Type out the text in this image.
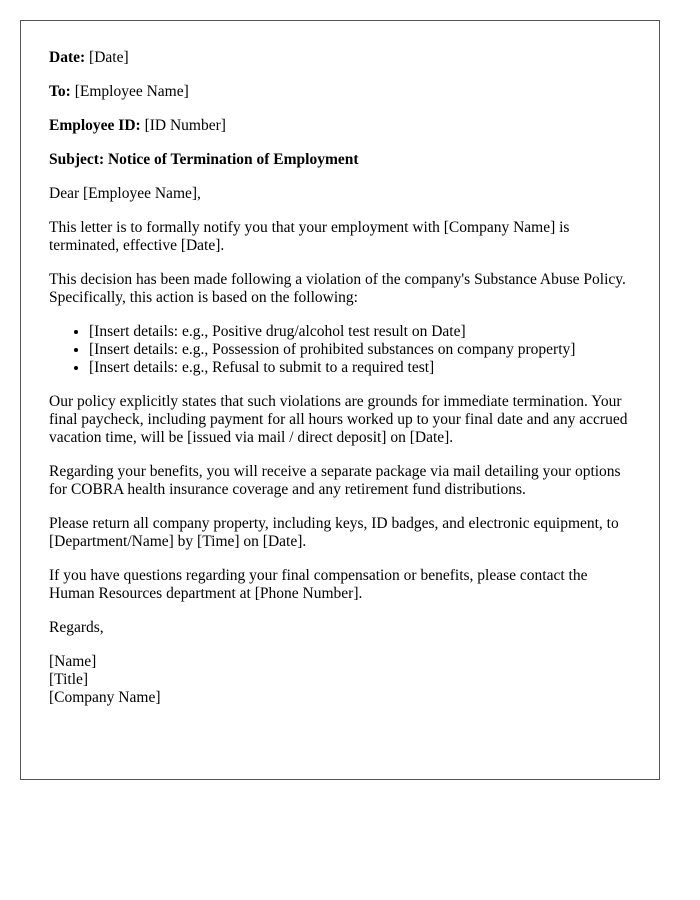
Date: [Date]

To: [Employee Name]

Employee ID: [ID Number]

Subject: Notice of Termination of Employment

Dear [Employee Name],

This letter is to formally notify you that your employment with [Company Name] is terminated, effective [Date].

This decision has been made following a violation of the company's Substance Abuse Policy. Specifically, this action is based on the following:

• [Insert details: e.g., Positive drug/alcohol test result on Date]
• [Insert details: e.g., Possession of prohibited substances on company property]
• [Insert details: e.g., Refusal to submit to a required test]

Our policy explicitly states that such violations are grounds for immediate termination. Your final paycheck, including payment for all hours worked up to your final date and any accrued vacation time, will be [issued via mail / direct deposit] on [Date].

Regarding your benefits, you will receive a separate package via mail detailing your options for COBRA health insurance coverage and any retirement fund distributions.

Please return all company property, including keys, ID badges, and electronic equipment, to [Department/Name] by [Time] on [Date].

If you have questions regarding your final compensation or benefits, please contact the Human Resources department at [Phone Number].

Regards,

[Name]
[Title]
[Company Name]
